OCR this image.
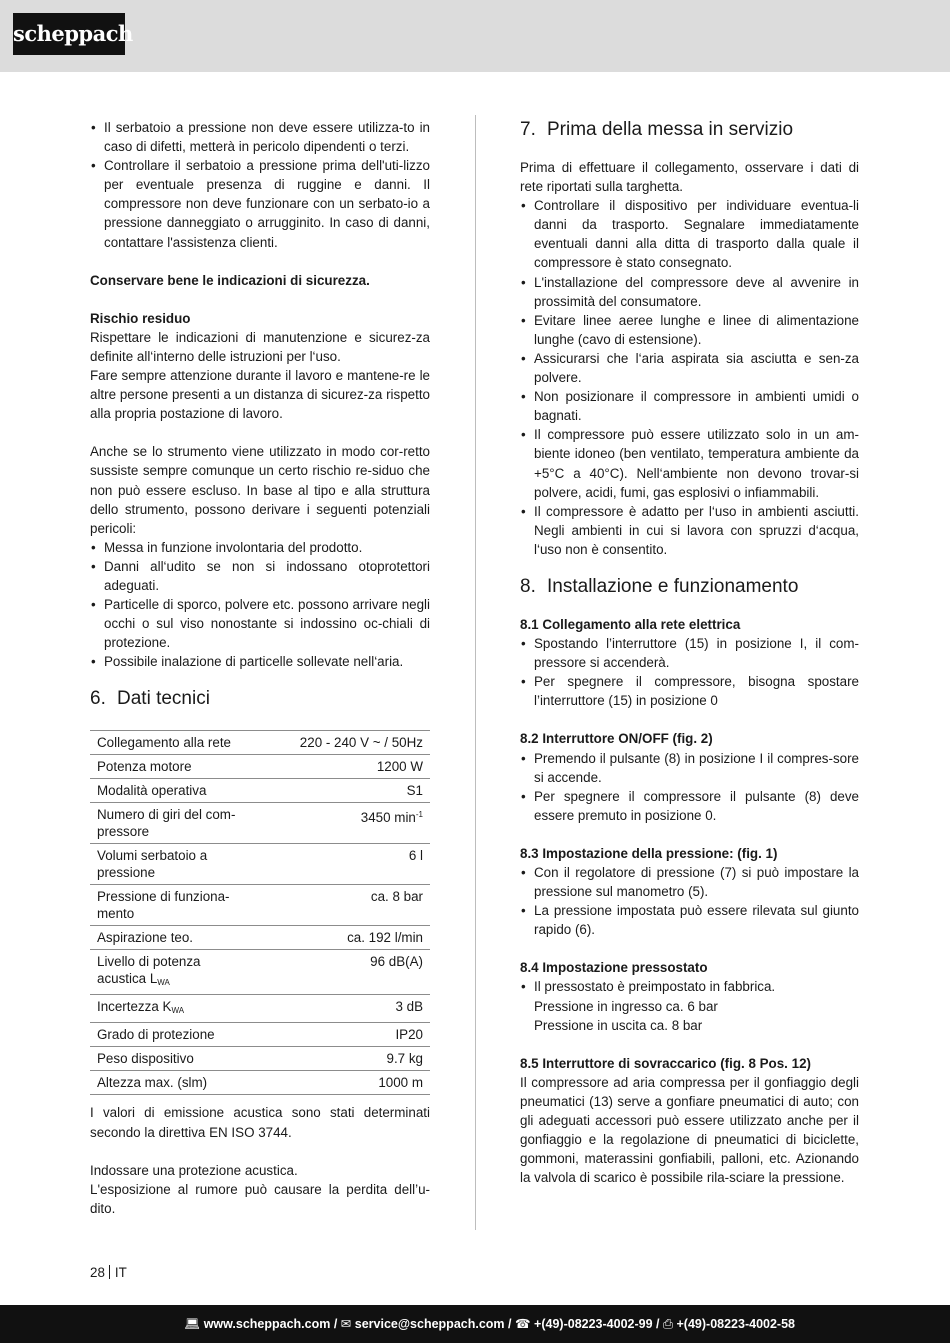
scheppach
• Il serbatoio a pressione non deve essere utilizza-to in caso di difetti, metterà in pericolo dipendenti o terzi.
• Controllare il serbatoio a pressione prima dell'uti-lizzo per eventuale presenza di ruggine e danni. Il compressore non deve funzionare con un serbato-io a pressione danneggiato o arrugginito. In caso di danni, contattare l'assistenza clienti.

Conservare bene le indicazioni di sicurezza.

Rischio residuo

Rispettare le indicazioni di manutenzione e sicurez-za definite all‘interno delle istruzioni per l‘uso.

Fare sempre attenzione durante il lavoro e mantene-re le altre persone presenti a un distanza di sicurez-za rispetto alla propria postazione di lavoro.

Anche se lo strumento viene utilizzato in modo cor-retto sussiste sempre comunque un certo rischio re-siduo che non può essere escluso. In base al tipo e alla struttura dello strumento, possono derivare i seguenti potenziali pericoli:

• Messa in funzione involontaria del prodotto.
• Danni all‘udito se non si indossano otoprotettori adeguati.
• Particelle di sporco, polvere etc. possono arrivare negli occhi o sul viso nonostante si indossino oc-chiali di protezione.
• Possibile inalazione di particelle sollevate nell‘aria.
6. Dati tecnici
Collegamento alla rete	220 - 240 V ~ / 50Hz
Potenza motore	1200 W
Modalità operativa	S1
Numero di giri del com-pressore	3450 $\min^{-1}$
Volumi serbatoio a pressione	6 l
Pressione di funziona-mento	ca. 8 bar
Aspirazione teo.	ca. 192 l/min
Livello di potenza acustica LWA	96 dB(A)
Incertezza KWA	3 dB
Grado di protezione	IP20
Peso dispositivo	9.7 kg
Altezza max. (slm)	1000 m

I valori di emissione acustica sono stati determinati secondo la direttiva EN ISO 3744.

Indossare una protezione acustica.

L'esposizione al rumore può causare la perdita dell’u-dito.

7. Prima della messa in servizio

Prima di effettuare il collegamento, osservare i dati di rete riportati sulla targhetta.

• Controllare il dispositivo per individuare eventua-li danni da trasporto. Segnalare immediatamente eventuali danni alla ditta di trasporto dalla quale il compressore è stato consegnato.
• L'installazione del compressore deve al avvenire in prossimità del consumatore.
• Evitare linee aeree lunghe e linee di alimentazione lunghe (cavo di estensione).
• Assicurarsi che l‘aria aspirata sia asciutta e sen-za polvere.
• Non posizionare il compressore in ambienti umidi o bagnati.
• Il compressore può essere utilizzato solo in un am-biente idoneo (ben ventilato, temperatura ambiente da +5°C a 40°C). Nell‘ambiente non devono trovar-si polvere, acidi, fumi, gas esplosivi o infiammabili.
• Il compressore è adatto per l‘uso in ambienti asciutti. Negli ambienti in cui si lavora con spruzzi d‘acqua, l‘uso non è consentito.
8. Installazione e funzionamento

8.1 Collegamento alla rete elettrica

• Spostando l’interruttore (15) in posizione I, il com-pressore si accenderà.
• Per spegnere il compressore, bisogna spostare l’interruttore (15) in posizione 0

8.2 Interruttore ON/OFF (fig. 2)

• Premendo il pulsante (8) in posizione I il compres-sore si accende.
• Per spegnere il compressore il pulsante (8) deve essere premuto in posizione 0.

8.3 Impostazione della pressione: (fig. 1)

• Con il regolatore di pressione (7) si può impostare la pressione sul manometro (5).
• La pressione impostata può essere rilevata sul giunto rapido (6).

8.4 Impostazione pressostato

• Il pressostato è preimpostato in fabbrica.

Pressione in ingresso ca. 6 bar

Pressione in uscita ca. 8 bar

8.5 Interruttore di sovraccarico (fig. 8 Pos. 12)

Il compressore ad aria compressa per il gonfiaggio degli pneumatici (13) serve a gonfiare pneumatici di auto; con gli adeguati accessori può essere utilizzato anche per il gonfiaggio e la regolazione di pneumatici di biciclette, gommoni, materassini gonfiabili, palloni, etc. Azionando la valvola di scarico è possibile rila-sciare la pressione.

28 IT
💻︎ www.scheppach.com / ✉︎ service@scheppach.com / ☎︎ +(49)-08223-4002-99 / ⎙ +(49)-08223-4002-58
